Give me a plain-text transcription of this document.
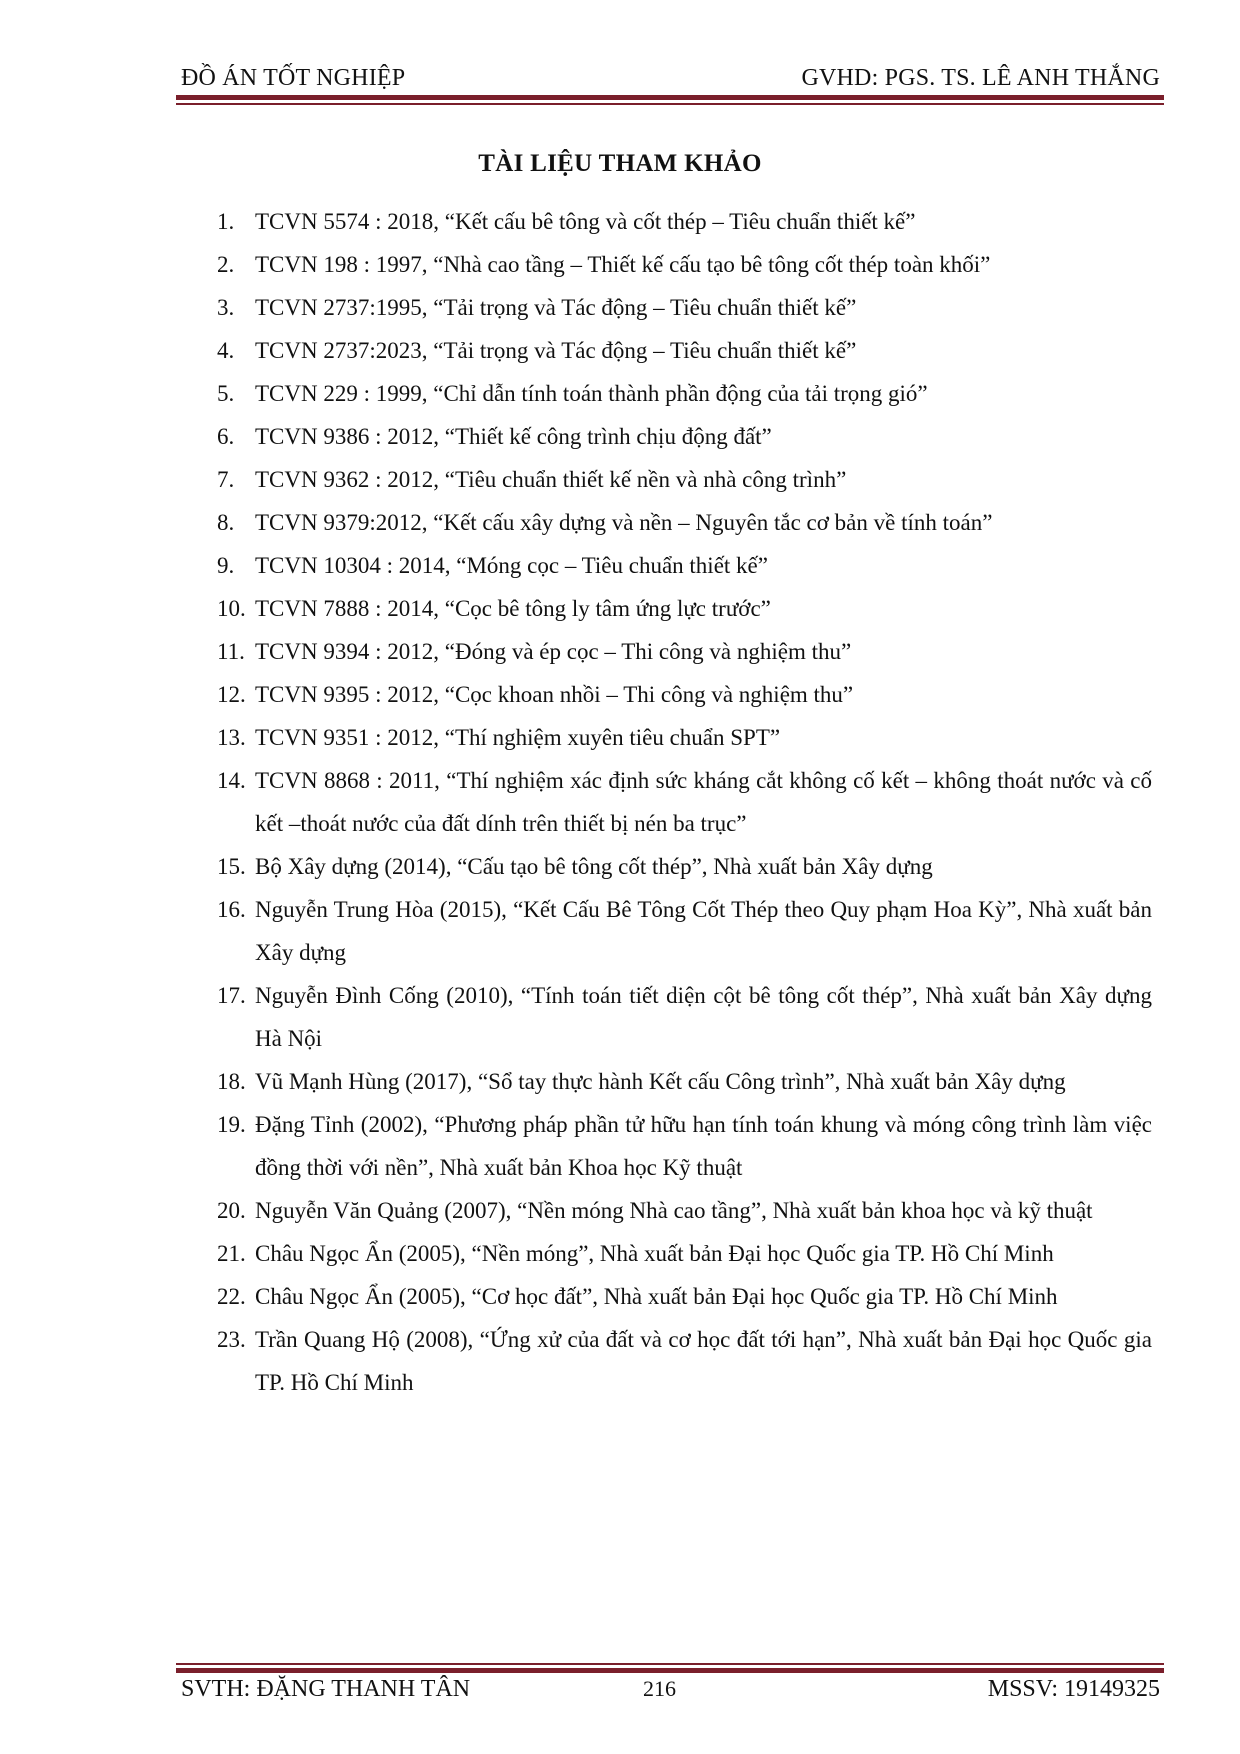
ĐỒ ÁN TỐT NGHIỆP	GVHD: PGS. TS. LÊ ANH THẮNG
TÀI LIỆU THAM KHẢO
1. TCVN 5574 : 2018, “Kết cấu bê tông và cốt thép – Tiêu chuẩn thiết kế”
2. TCVN 198 : 1997, “Nhà cao tầng – Thiết kế cấu tạo bê tông cốt thép toàn khối”
3. TCVN 2737:1995, “Tải trọng và Tác động – Tiêu chuẩn thiết kế”
4. TCVN 2737:2023, “Tải trọng và Tác động – Tiêu chuẩn thiết kế”
5. TCVN 229 : 1999, “Chỉ dẫn tính toán thành phần động của tải trọng gió”
6. TCVN 9386 : 2012, “Thiết kế công trình chịu động đất”
7. TCVN 9362 : 2012, “Tiêu chuẩn thiết kế nền và nhà công trình”
8. TCVN 9379:2012, “Kết cấu xây dựng và nền – Nguyên tắc cơ bản về tính toán”
9. TCVN 10304 : 2014, “Móng cọc – Tiêu chuẩn thiết kế”
10. TCVN 7888 : 2014, “Cọc bê tông ly tâm ứng lực trước”
11. TCVN 9394 : 2012, “Đóng và ép cọc – Thi công và nghiệm thu”
12. TCVN 9395 : 2012, “Cọc khoan nhồi – Thi công và nghiệm thu”
13. TCVN 9351 : 2012, “Thí nghiệm xuyên tiêu chuẩn SPT”
14. TCVN 8868 : 2011, “Thí nghiệm xác định sức kháng cắt không cố kết – không thoát nước và cố kết –thoát nước của đất dính trên thiết bị nén ba trục”
15. Bộ Xây dựng (2014), “Cấu tạo bê tông cốt thép”, Nhà xuất bản Xây dựng
16. Nguyễn Trung Hòa (2015), “Kết Cấu Bê Tông Cốt Thép theo Quy phạm Hoa Kỳ”, Nhà xuất bản Xây dựng
17. Nguyễn Đình Cống (2010), “Tính toán tiết diện cột bê tông cốt thép”, Nhà xuất bản Xây dựng Hà Nội
18. Vũ Mạnh Hùng (2017), “Sổ tay thực hành Kết cấu Công trình”, Nhà xuất bản Xây dựng
19. Đặng Tỉnh (2002), “Phương pháp phần tử hữu hạn tính toán khung và móng công trình làm việc đồng thời với nền”, Nhà xuất bản Khoa học Kỹ thuật
20. Nguyễn Văn Quảng (2007), “Nền móng Nhà cao tầng”, Nhà xuất bản khoa học và kỹ thuật
21. Châu Ngọc Ẩn (2005), “Nền móng”, Nhà xuất bản Đại học Quốc gia TP. Hồ Chí Minh
22. Châu Ngọc Ẩn (2005), “Cơ học đất”, Nhà xuất bản Đại học Quốc gia TP. Hồ Chí Minh
23. Trần Quang Hộ (2008), “Ứng xử của đất và cơ học đất tới hạn”, Nhà xuất bản Đại học Quốc gia TP. Hồ Chí Minh
SVTH: ĐẶNG THANH TÂN	216	MSSV: 19149325
